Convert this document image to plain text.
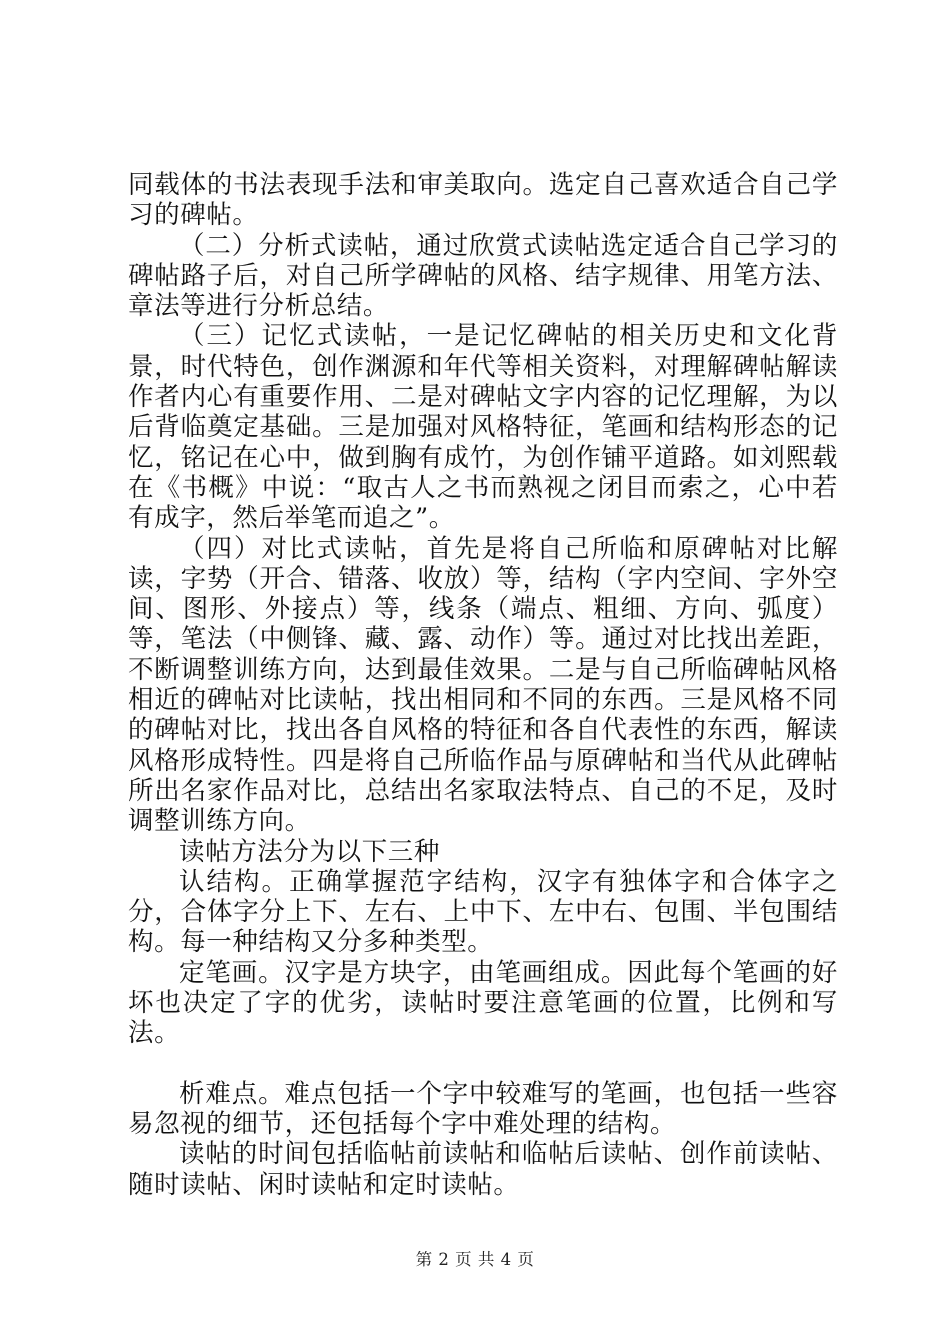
同载体的书法表现手法和审美取向。选定自己喜欢适合自己学习的碑帖。

（二）分析式读帖，通过欣赏式读帖选定适合自己学习的碑帖路子后，对自己所学碑帖的风格、结字规律、用笔方法、章法等进行分析总结。

（三）记忆式读帖，一是记忆碑帖的相关历史和文化背景，时代特色，创作渊源和年代等相关资料，对理解碑帖解读作者内心有重要作用、二是对碑帖文字内容的记忆理解，为以后背临奠定基础。三是加强对风格特征，笔画和结构形态的记忆，铭记在心中，做到胸有成竹，为创作铺平道路。如刘熙载在《书概》中说：“取古人之书而熟视之闭目而索之，心中若有成字，然后举笔而追之”。

（四）对比式读帖，首先是将自己所临和原碑帖对比解读，字势（开合、错落、收放）等，结构（字内空间、字外空间、图形、外接点）等，线条（端点、粗细、方向、弧度）等，笔法（中侧锋、藏、露、动作）等。通过对比找出差距，不断调整训练方向，达到最佳效果。二是与自己所临碑帖风格相近的碑帖对比读帖，找出相同和不同的东西。三是风格不同的碑帖对比，找出各自风格的特征和各自代表性的东西，解读风格形成特性。四是将自己所临作品与原碑帖和当代从此碑帖所出名家作品对比，总结出名家取法特点、自己的不足，及时调整训练方向。

读帖方法分为以下三种

认结构。正确掌握范字结构，汉字有独体字和合体字之分，合体字分上下、左右、上中下、左中右、包围、半包围结构。每一种结构又分多种类型。

定笔画。汉字是方块字，由笔画组成。因此每个笔画的好坏也决定了字的优劣，读帖时要注意笔画的位置，比例和写法。

析难点。难点包括一个字中较难写的笔画，也包括一些容易忽视的细节，还包括每个字中难处理的结构。

读帖的时间包括临帖前读帖和临帖后读帖、创作前读帖、随时读帖、闲时读帖和定时读帖。

第 2 页 共 4 页
